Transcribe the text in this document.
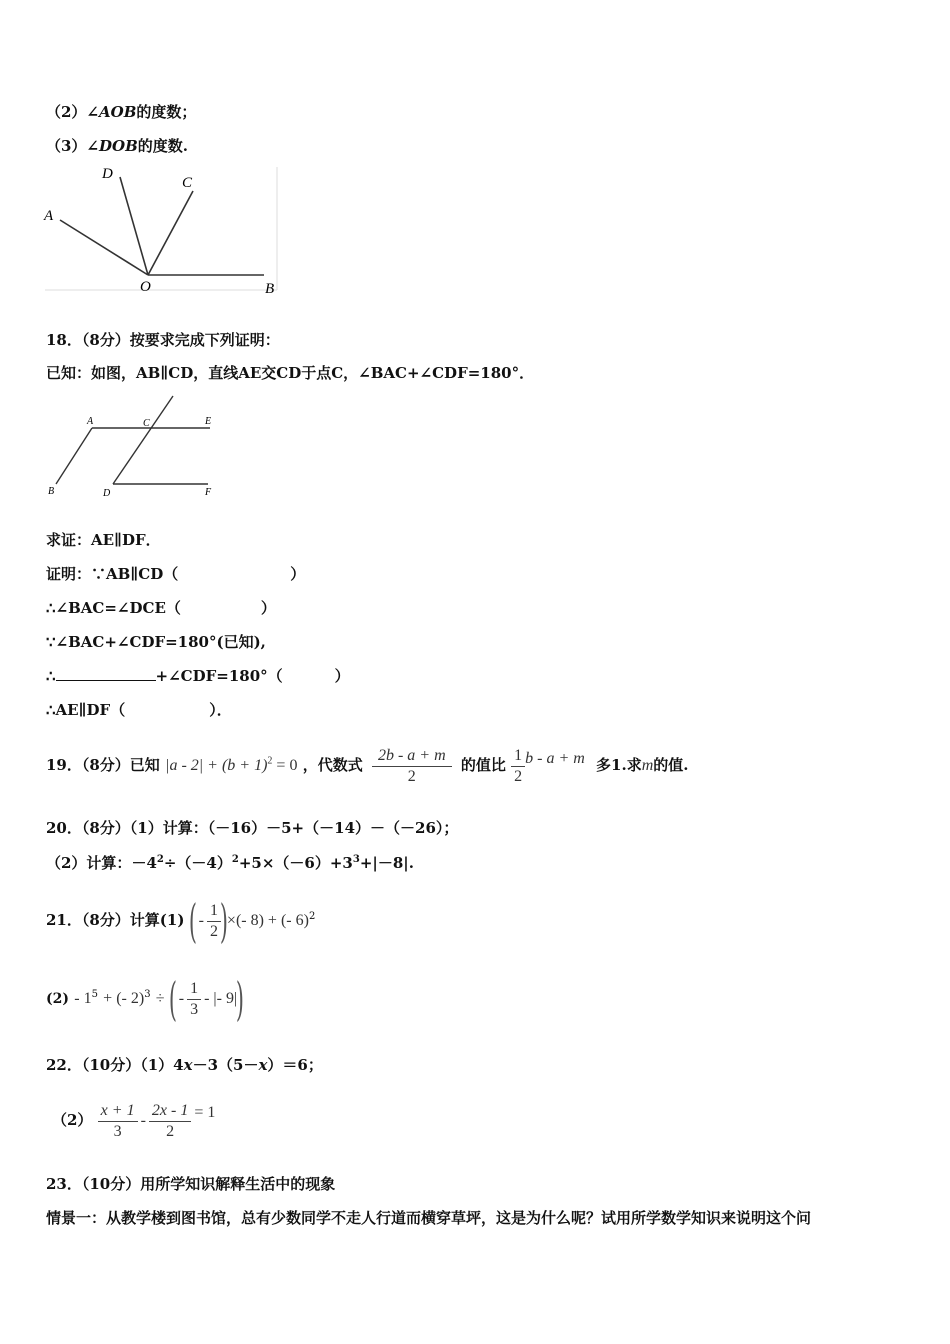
（2）∠AOB的度数；
（3）∠DOB的度数.
A
D
C
O	B
18．（8分）按要求完成下列证明：
已知：如图，AB∥CD，直线AE交CD于点C，∠BAC+∠CDF=180°．
A	C	E
B	D	F
求证：AE∥DF．
证明：∵AB∥CD（	）
∴∠BAC=∠DCE（	）
∵∠BAC+∠CDF=180°(已知),
∴	+∠CDF=180°（	）
∴AE∥DF（	）．
19．（8分）已知 $|a - 2| + (b + 1)^2 = 0$ ，代数式 $\frac{2b - a + m}{2}$ 的值比 $\frac{1}{2}$ b - a + m 多1.求m的值.
20．（8分）（1）计算：（－16）－5+（－14）－（－26）；
（2）计算：$-4^2\div(-4)^2+5\times(-6)+3^3+|-8|$.
21．（8分）计算(1) ( - $\frac{1}{2}$
)×(- 8) + (- 6)$^2$
$(2) - 1^5$ + (- 2)$^3$ ÷ ( - $\frac{1}{3}$ - |- 9|)
22．（10分）（1）4x－3（5－x）＝6；
$(2) \frac{x + 1}{3} - \frac{2x - 1}{2} = 1$
23．（10分）用所学知识解释生活中的现象
情景一：从教学楼到图书馆，总有少数同学不走人行道而横穿草坪，这是为什么呢？试用所学数学知识来说明这个问
